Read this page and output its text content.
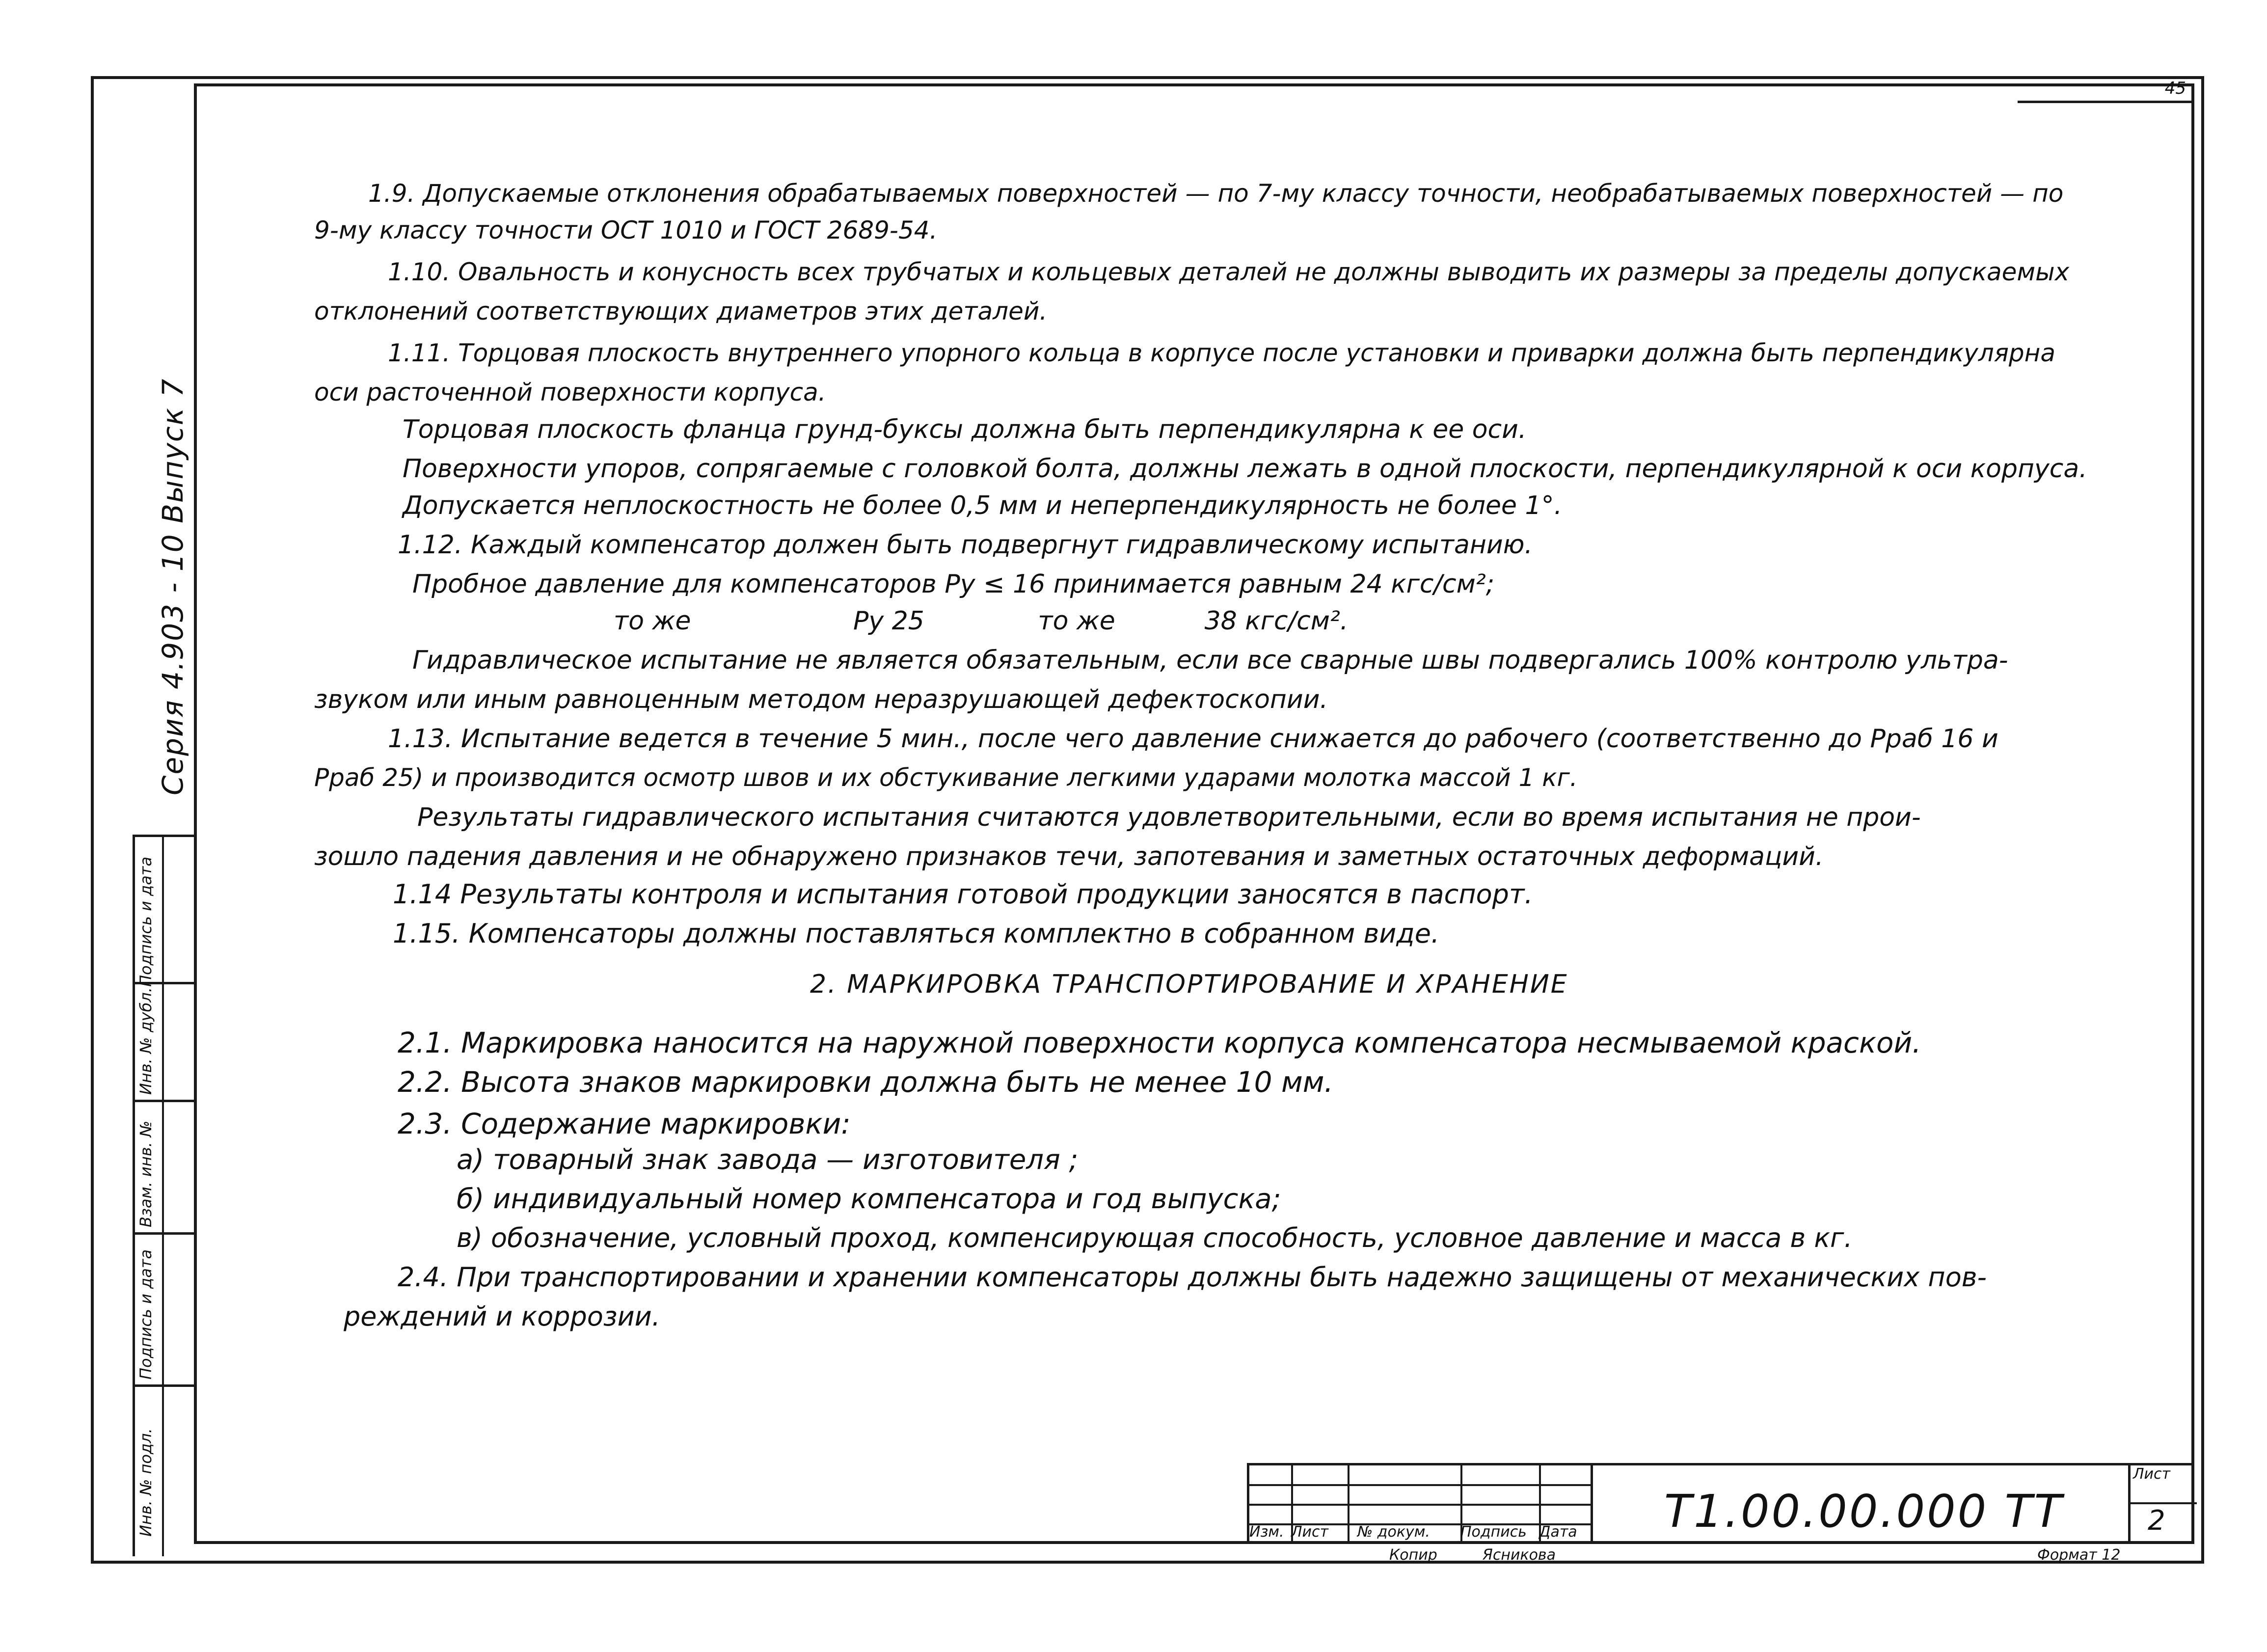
45
Серия 4.903 - 10 Выпуск 7
Подпись и дата
Инв. № дубл.
Взам. инв. №
Подпись и дата
Инв. № подл.
1.9. Допускаемые отклонения обрабатываемых поверхностей — по 7-му классу точности, необрабатываемых поверхностей — по
9-му классу точности ОСТ 1010 и ГОСТ 2689-54.
1.10. Овальность и конусность всех трубчатых и кольцевых деталей не должны выводить их размеры за пределы допускаемых
отклонений соответствующих диаметров этих деталей.
1.11. Торцовая плоскость внутреннего упорного кольца в корпусе после установки и приварки должна быть перпендикулярна
оси расточенной поверхности корпуса.
Торцовая плоскость фланца грунд-буксы должна быть перпендикулярна к ее оси.
Поверхности упоров, сопрягаемые с головкой болта, должны лежать в одной плоскости, перпендикулярной к оси корпуса.
Допускается неплоскостность не более 0,5 мм и неперпендикулярность не более 1°.
1.12. Каждый компенсатор должен быть подвергнут гидравлическому испытанию.
Пробное давление для компенсаторов Ру ≤ 16 принимается равным 24 кгс/см²;
то же                    Ру 25              то же           38 кгс/см².
Гидравлическое испытание не является обязательным, если все сварные швы подвергались 100% контролю ультра-
звуком или иным равноценным методом неразрушающей дефектоскопии.
1.13. Испытание ведется в течение 5 мин., после чего давление снижается до рабочего (соответственно до Рраб 16 и
Рраб 25) и производится осмотр швов и их обстукивание легкими ударами молотка массой 1 кг.
Результаты гидравлического испытания считаются удовлетворительными, если во время испытания не прои-
зошло падения давления и не обнаружено признаков течи, запотевания и заметных остаточных деформаций.
1.14 Результаты контроля и испытания готовой продукции заносятся в паспорт.
1.15. Компенсаторы должны поставляться комплектно в собранном виде.
2. МАРКИРОВКА ТРАНСПОРТИРОВАНИЕ И ХРАНЕНИЕ
2.1. Маркировка наносится на наружной поверхности корпуса компенсатора несмываемой краской.
2.2. Высота знаков маркировки должна быть не менее 10 мм.
2.3. Содержание маркировки:
а) товарный знак завода — изготовителя ;
б) индивидуальный номер компенсатора и год выпуска;
в) обозначение, условный проход, компенсирующая способность, условное давление и масса в кг.
2.4. При транспортировании и хранении компенсаторы должны быть надежно защищены от механических пов-
реждений и коррозии.
Изм. Лист № докум. Подпись Дата Т1.00.00.000 ТТ
Лист
2
Копир	Ясникова	Формат 12
